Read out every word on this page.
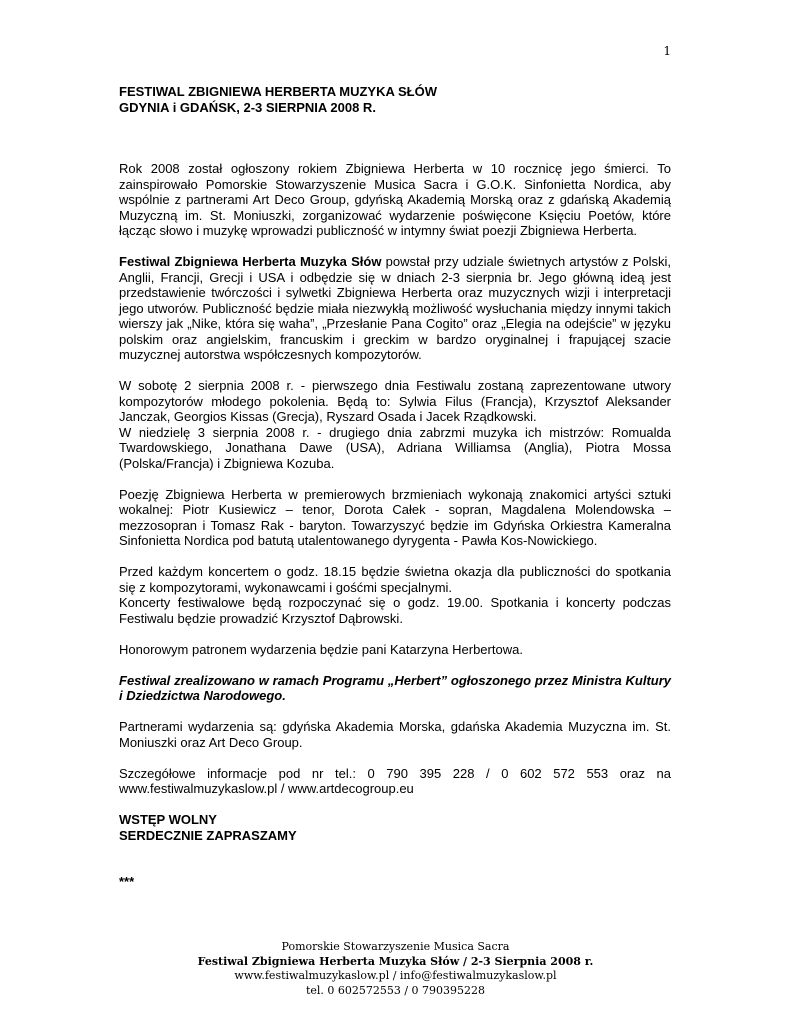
1

FESTIWAL ZBIGNIEWA HERBERTA MUZYKA SŁÓW

GDYNIA i GDAŃSK, 2-3 SIERPNIA 2008 R.

Rok 2008 został ogłoszony rokiem Zbigniewa Herberta w 10 rocznicę jego śmierci. To zainspirowało Pomorskie Stowarzyszenie Musica Sacra i G.O.K. Sinfonietta Nordica, aby wspólnie z partnerami Art Deco Group, gdyńską Akademią Morską oraz z gdańską Akademią Muzyczną im. St. Moniuszki, zorganizować wydarzenie poświęcone Księciu Poetów, które łącząc słowo i muzykę wprowadzi publiczność w intymny świat poezji Zbigniewa Herberta.

Festiwal Zbigniewa Herberta Muzyka Słów powstał przy udziale świetnych artystów z Polski, Anglii, Francji, Grecji i USA i odbędzie się w dniach 2-3 sierpnia br. Jego główną ideą jest przedstawienie twórczości i sylwetki Zbigniewa Herberta oraz muzycznych wizji i interpretacji jego utworów. Publiczność będzie miała niezwykłą możliwość wysłuchania między innymi takich wierszy jak „Nike, która się waha”, „Przesłanie Pana Cogito” oraz „Elegia na odejście” w języku polskim oraz angielskim, francuskim i greckim w bardzo oryginalnej i frapującej szacie muzycznej autorstwa współczesnych kompozytorów.

W sobotę 2 sierpnia 2008 r. - pierwszego dnia Festiwalu zostaną zaprezentowane utwory kompozytorów młodego pokolenia. Będą to: Sylwia Filus (Francja), Krzysztof Aleksander Janczak, Georgios Kissas (Grecja), Ryszard Osada i Jacek Rządkowski.

W niedzielę 3 sierpnia 2008 r. - drugiego dnia zabrzmi muzyka ich mistrzów: Romualda Twardowskiego, Jonathana Dawe (USA), Adriana Williamsa (Anglia), Piotra Mossa (Polska/Francja) i Zbigniewa Kozuba.

Poezję Zbigniewa Herberta w premierowych brzmieniach wykonają znakomici artyści sztuki wokalnej: Piotr Kusiewicz – tenor, Dorota Całek - sopran, Magdalena Molendowska – mezzosopran i Tomasz Rak - baryton. Towarzyszyć będzie im Gdyńska Orkiestra Kameralna Sinfonietta Nordica pod batutą utalentowanego dyrygenta - Pawła Kos-Nowickiego.

Przed każdym koncertem o godz. 18.15 będzie świetna okazja dla publiczności do spotkania się z kompozytorami, wykonawcami i gośćmi specjalnymi.

Koncerty festiwalowe będą rozpoczynać się o godz. 19.00. Spotkania i koncerty podczas Festiwalu będzie prowadzić Krzysztof Dąbrowski.

Honorowym patronem wydarzenia będzie pani Katarzyna Herbertowa.

Festiwal zrealizowano w ramach Programu „Herbert” ogłoszonego przez Ministra Kultury i Dziedzictwa Narodowego.

Partnerami wydarzenia są: gdyńska Akademia Morska, gdańska Akademia Muzyczna im. St. Moniuszki oraz Art Deco Group.

Szczegółowe informacje pod nr tel.: 0 790 395 228 / 0 602 572 553 oraz na www.festiwalmuzykaslow.pl / www.artdecogroup.eu

WSTĘP WOLNY

SERDECZNIE ZAPRASZAMY

***

Pomorskie Stowarzyszenie Musica Sacra
Festiwal Zbigniewa Herberta Muzyka Słów / 2-3 Sierpnia 2008 r.
www.festiwalmuzykaslow.pl / info@festiwalmuzykaslow.pl
tel. 0 602572553 / 0 790395228
